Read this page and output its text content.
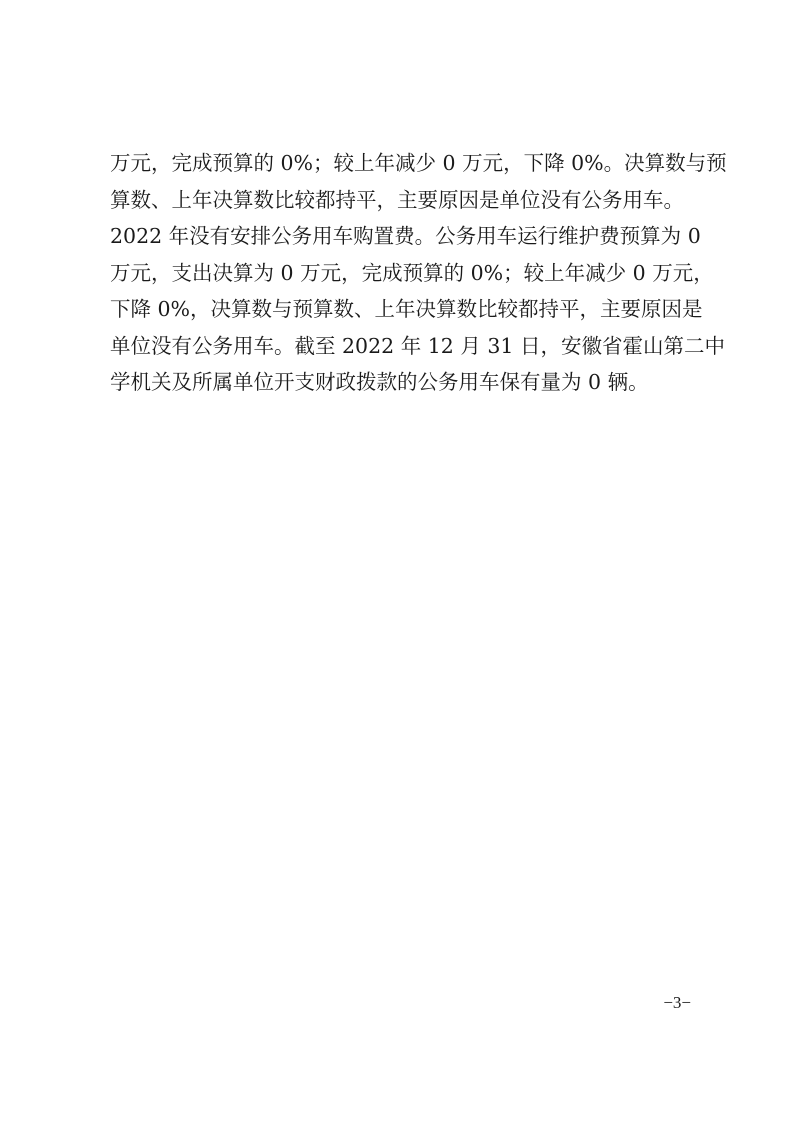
万元，完成预算的 0%；较上年减少 0 万元，下降 0%。决算数与预
算数、上年决算数比较都持平，主要原因是单位没有公务用车。
2022 年没有安排公务用车购置费。公务用车运行维护费预算为 0
万元，支出决算为 0 万元，完成预算的 0%；较上年减少 0 万元，
下降 0%，决算数与预算数、上年决算数比较都持平，主要原因是
单位没有公务用车。截至 2022 年 12 月 31 日，安徽省霍山第二中
学机关及所属单位开支财政拨款的公务用车保有量为 0 辆。
−3−
